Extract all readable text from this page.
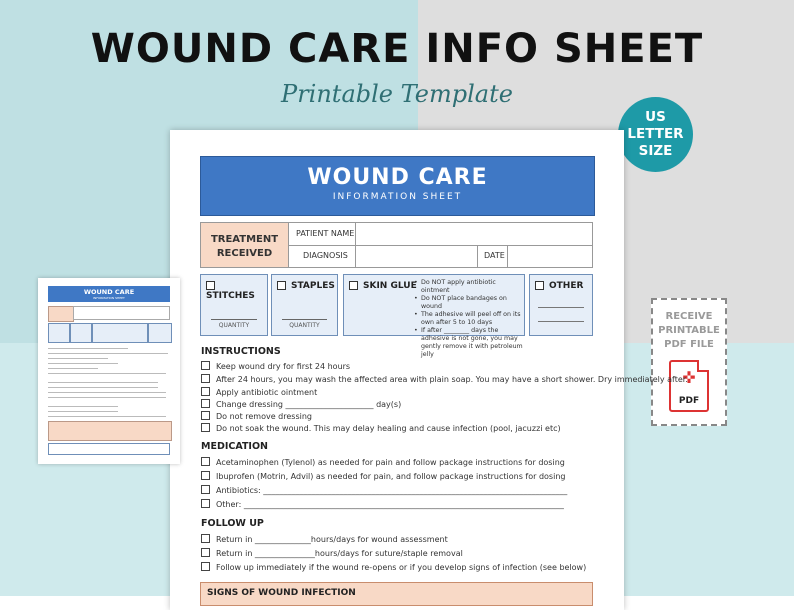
WOUND CARE INFO SHEET
Printable Template
US
LETTER
SIZE
RECEIVE
PRINTABLE
PDF FILE
✜
PDF
WOUND CARE
INFORMATION SHEET
TREATMENT RECEIVED
PATIENT NAME
DIAGNOSIS	DATE
STITCHES
QUANTITY
STAPLES
QUANTITY
SKIN GLUE
• Do NOT apply antibiotic ointment
• Do NOT place bandages on wound
• The adhesive will peel off on its own after 5 to 10 days
• If after ________ days the adhesive is not gone, you may gently remove it with petroleum jelly
OTHER
INSTRUCTIONS
Keep wound dry for first 24 hours
After 24 hours, you may wash the affected area with plain soap. You may have a short shower. Dry immediately after.
Apply antibiotic ointment
Change dressing ______________________ day(s)
Do not remove dressing
Do not soak the wound. This may delay healing and cause infection (pool, jacuzzi etc)
MEDICATION
Acetaminophen (Tylenol) as needed for pain and follow package instructions for dosing
Ibuprofen (Motrin, Advil) as needed for pain, and follow package instructions for dosing
Antibiotics: ____________________________________________________________________________
Other: ________________________________________________________________________________
FOLLOW UP
Return in ______________hours/days for wound assessment
Return in _______________hours/days for suture/staple removal
Follow up immediately if the wound re-opens or if you develop signs of infection (see below)
SIGNS OF WOUND INFECTION
WOUND CARE
INFORMATION SHEET
